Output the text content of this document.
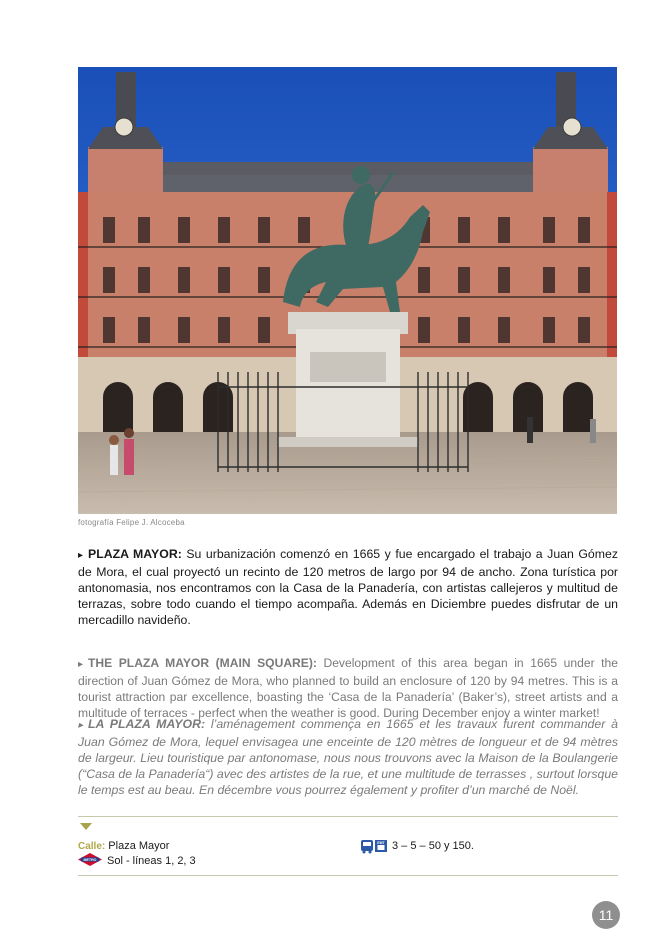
fotografía Felipe J. Alcoceba

▸ PLAZA MAYOR: Su urbanización comenzó en 1665 y fue encargado el trabajo a Juan Gómez de Mora, el cual proyectó un recinto de 120 metros de largo por 94 de ancho. Zona turística por antonomasia, nos encontramos con la Casa de la Panadería, con artistas callejeros y multitud de terrazas, sobre todo cuando el tiempo acompaña. Además en Diciembre puedes disfrutar de un mercadillo navideño.

▸ THE PLAZA MAYOR (MAIN SQUARE): Development of this area began in 1665 under the direction of Juan Gómez de Mora, who planned to build an enclosure of 120 by 94 metres. This is a tourist attraction par excellence, boasting the ‘Casa de la Panadería’ (Baker’s), street artists and a multitude of terraces - perfect when the weather is good. During December enjoy a winter market!

▸ LA PLAZA MAYOR: l’aménagement commença en 1665 et les travaux furent commander à Juan Gómez de Mora, lequel envisagea une enceinte de 120 mètres de longueur et de 94 mètres de largeur. Lieu touristique par antonomase, nous nous trouvons avec la Maison de la Boulangerie (“Casa de la Panadería“) avec des artistes de la rue, et une multitude de terrasses , surtout lorsque le temps est au beau. En décembre vous pourrez également y profiter d’un marché de Noël.

Calle: Plaza Mayor
METRO Sol - líneas 1, 2, 3
EMT 3 – 5 – 50 y 150.
11
